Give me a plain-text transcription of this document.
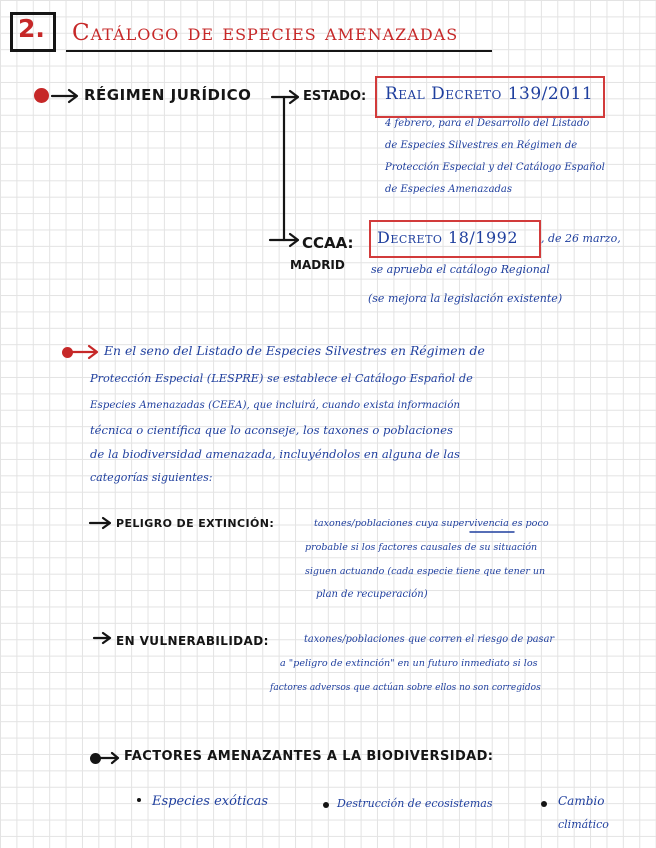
2. Catálogo de especies amenazadas
RÉGIMEN JURÍDICO	ESTADO: Real Decreto 139/2011
4 febrero, para el Desarrollo del Listado
de Especies Silvestres en Régimen de
Protección Especial y del Catálogo Español
de Especies Amenazadas
CCAA:
MADRID
Decreto 18/1992 , de 26 marzo,
se aprueba el catálogo Regional
(se mejora la legislación existente)
En el seno del Listado de Especies Silvestres en Régimen de
Protección Especial (LESPRE) se establece el Catálogo Español de
Especies Amenazadas (CEEA), que incluirá, cuando exista información
técnica o científica que lo aconseje, los taxones o poblaciones
de la biodiversidad amenazada, incluyéndolos en alguna de las
categorías siguientes:
PELIGRO DE EXTINCIÓN:	taxones/poblaciones cuya supervivencia es poco
probable si los factores causales de su situación
siguen actuando (cada especie tiene que tener un
plan de recuperación)
EN VULNERABILIDAD:	taxones/poblaciones que corren el riesgo de pasar
a "peligro de extinción" en un futuro inmediato si los
factores adversos que actúan sobre ellos no son corregidos
FACTORES AMENAZANTES A LA BIODIVERSIDAD:
Especies exóticas	Destrucción de ecosistemas	Cambio
climático
